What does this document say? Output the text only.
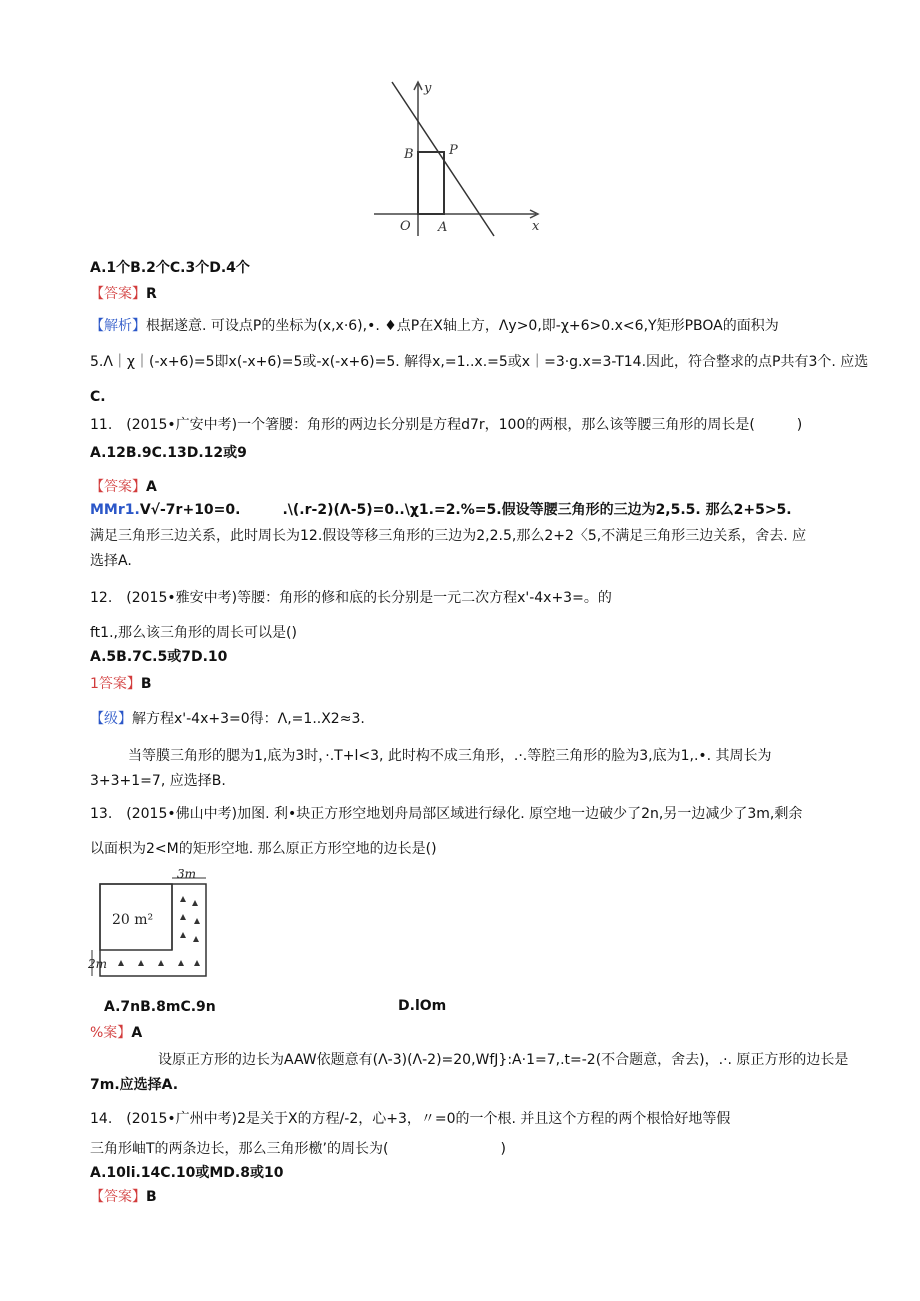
y
x
O A
B	P
A.1个B.2个C.3个D.4个
【答案】R
【解析】根据遂意. 可设点P的坐标为(x,x·6),•. ♦点P在X轴上方，Λy>0,即-χ+6>0.x<6,Y矩形PBOA的面积为
5.Λ｜χ｜(-x+6)=5即x(-x+6)=5或-x(-x+6)=5. 解得x,=1..x.=5或x｜=3·g.x=3-T14.因此，符合整求的点P共有3个. 应选
C.
11.　(2015•广安中考)一个箸腰：角形的两边长分别是方程d7r，100的两根，那么该等腰三角形的周长是(　　　)
A.12B.9C.13D.12或9
【答案】A
MMr1.V√-7r+10=0.　　　.\(.r-2)(Λ-5)=0..\χ1.=2.%=5.假设等腰三角形的三边为2,5.5. 那么2+5>5.
满足三角形三边关系，此时周长为12.假设等移三角形的三边为2,2.5,那么2+2〈5,不满足三角形三边关系，舍去. 应
选择A.
12.　(2015•雅安中考)等腰：角形的修和底的长分别是一元二次方程x'-4x+3=。的
ft1.,那么该三角形的周长可以是()
A.5B.7C.5或7D.10
1答案】B
【级】解方程x'-4x+3=0得：Λ,=1..X2≈3.
当等膜三角形的腮为1,底为3时，·.T+l<3, 此时构不成三角形，.·.等腔三角形的脸为3,底为1,.•. 其周长为
3+3+1=7, 应选择B.
13.　(2015•佛山中考)加图. 利•块正方形空地划舟局部区域进行绿化. 原空地一边破少了2n,另一边减少了3m,剩余
以面枳为2<M的矩形空地. 那么原正方形空地的边长是()
20 m²
3m
2m
A.7nB.8mC.9n	D.lOm
%案】A
设原正方形的边长为AAW依题意有(Λ-3)(Λ-2)=20,WfJ}:A·1=7,.t=-2(不合题意，舍去)，.·. 原正方形的边长是
7m.应选择A.
14.　(2015•广州中考)2是关于X的方程/-2，心+3，〃=0的一个根. 并且这个方程的两个根恰好地等假
三角形岫T的两条边长，那么三角形檄’的周长为(　　　　　　　　)
A.10li.14C.10或MD.8或10
【答案】B
